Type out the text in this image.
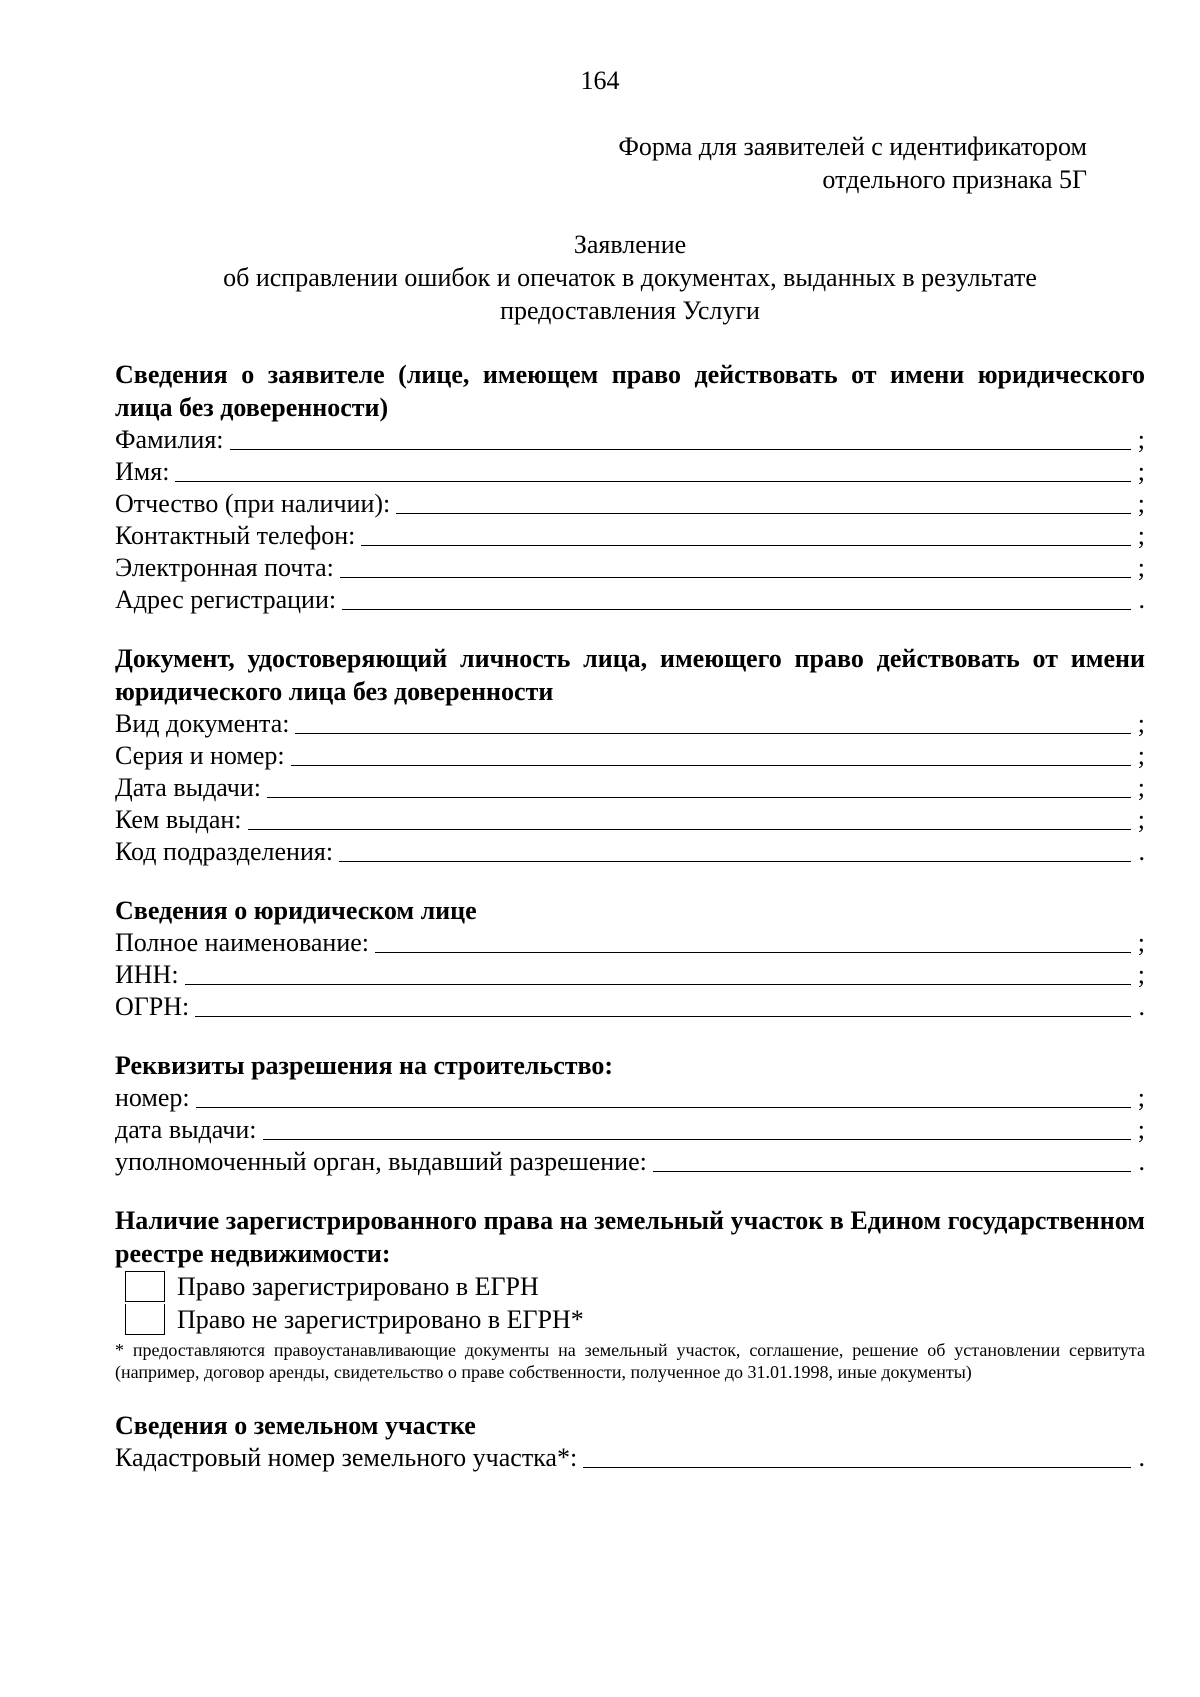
164
Форма для заявителей с идентификатором
отдельного признака 5Г
Заявление
об исправлении ошибок и опечаток в документах, выданных в результате
предоставления Услуги
Сведения о заявителе (лице, имеющем право действовать от имени юридического лица без доверенности)
Фамилия:	;
Имя:	;
Отчество (при наличии):	;
Контактный телефон:	;
Электронная почта:	;
Адрес регистрации:	.
Документ, удостоверяющий личность лица, имеющего право действовать от имени юридического лица без доверенности
Вид документа:	;
Серия и номер:	;
Дата выдачи:	;
Кем выдан:	;
Код подразделения:	.
Сведения о юридическом лице
Полное наименование:	;
ИНН:	;
ОГРН:	.
Реквизиты разрешения на строительство:
номер:	;
дата выдачи:	;
уполномоченный орган, выдавший разрешение:	.
Наличие зарегистрированного права на земельный участок в Едином государственном реестре недвижимости:
Право зарегистрировано в ЕГРН
Право не зарегистрировано в ЕГРН*
* предоставляются правоустанавливающие документы на земельный участок, соглашение, решение об установлении сервитута (например, договор аренды, свидетельство о праве собственности, полученное до 31.01.1998, иные документы)
Сведения о земельном участке
Кадастровый номер земельного участка*:	.
